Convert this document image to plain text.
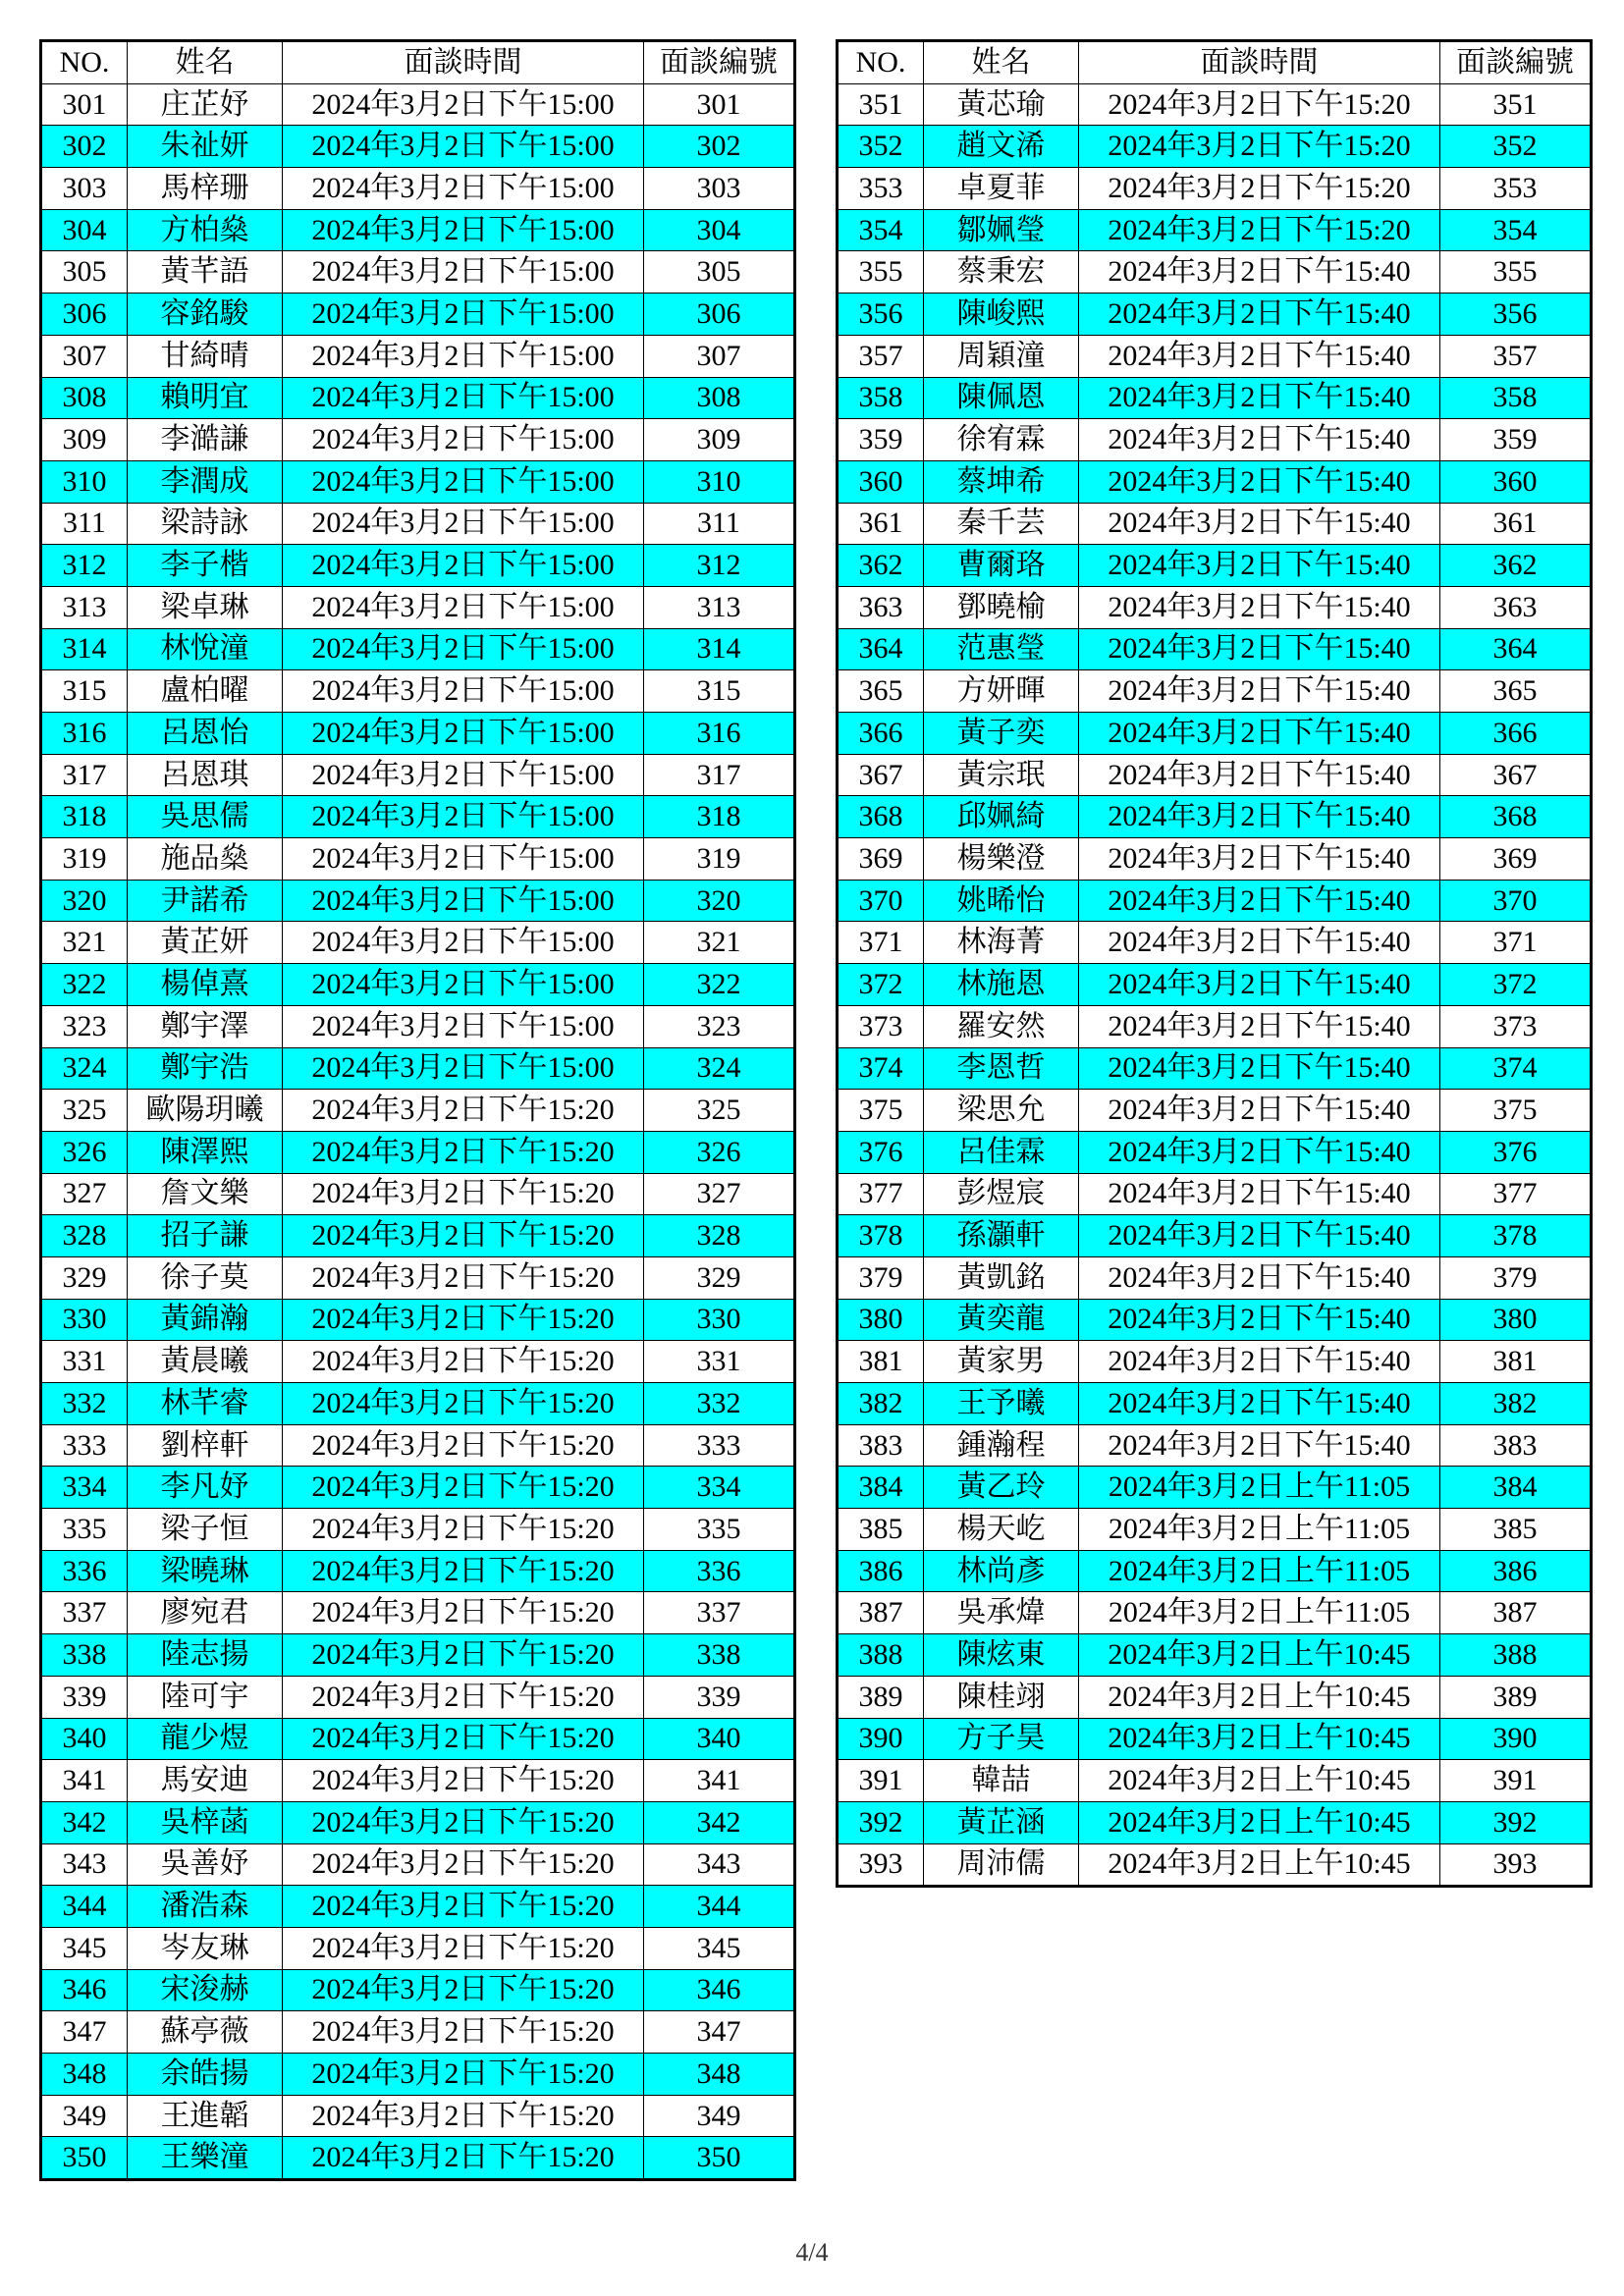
NO.	姓名	面談時間	面談編號
301	庄芷妤	2024年3月2日下午15:00	301
302	朱祉妍	2024年3月2日下午15:00	302
303	馬梓珊	2024年3月2日下午15:00	303
304	方柏燊	2024年3月2日下午15:00	304
305	黃芊語	2024年3月2日下午15:00	305
306	容銘駿	2024年3月2日下午15:00	306
307	甘綺晴	2024年3月2日下午15:00	307
308	賴明宜	2024年3月2日下午15:00	308
309	李澔謙	2024年3月2日下午15:00	309
310	李潤成	2024年3月2日下午15:00	310
311	梁詩詠	2024年3月2日下午15:00	311
312	李子楷	2024年3月2日下午15:00	312
313	梁卓琳	2024年3月2日下午15:00	313
314	林悅潼	2024年3月2日下午15:00	314
315	盧柏曜	2024年3月2日下午15:00	315
316	呂恩怡	2024年3月2日下午15:00	316
317	呂恩琪	2024年3月2日下午15:00	317
318	吳思儒	2024年3月2日下午15:00	318
319	施品燊	2024年3月2日下午15:00	319
320	尹諾希	2024年3月2日下午15:00	320
321	黃芷妍	2024年3月2日下午15:00	321
322	楊倬熹	2024年3月2日下午15:00	322
323	鄭宇澤	2024年3月2日下午15:00	323
324	鄭宇浩	2024年3月2日下午15:00	324
325	歐陽玥曦	2024年3月2日下午15:20	325
326	陳澤熙	2024年3月2日下午15:20	326
327	詹文樂	2024年3月2日下午15:20	327
328	招子謙	2024年3月2日下午15:20	328
329	徐子莫	2024年3月2日下午15:20	329
330	黃錦瀚	2024年3月2日下午15:20	330
331	黃晨曦	2024年3月2日下午15:20	331
332	林芊睿	2024年3月2日下午15:20	332
333	劉梓軒	2024年3月2日下午15:20	333
334	李凡妤	2024年3月2日下午15:20	334
335	梁子恒	2024年3月2日下午15:20	335
336	梁曉琳	2024年3月2日下午15:20	336
337	廖宛君	2024年3月2日下午15:20	337
338	陸志揚	2024年3月2日下午15:20	338
339	陸可宇	2024年3月2日下午15:20	339
340	龍少煜	2024年3月2日下午15:20	340
341	馬安迪	2024年3月2日下午15:20	341
342	吳梓菡	2024年3月2日下午15:20	342
343	吳善妤	2024年3月2日下午15:20	343
344	潘浩森	2024年3月2日下午15:20	344
345	岑友琳	2024年3月2日下午15:20	345
346	宋浚赫	2024年3月2日下午15:20	346
347	蘇亭薇	2024年3月2日下午15:20	347
348	余皓揚	2024年3月2日下午15:20	348
349	王進韜	2024年3月2日下午15:20	349
350	王樂潼	2024年3月2日下午15:20	350
NO.	姓名	面談時間	面談編號
351	黃芯瑜	2024年3月2日下午15:20	351
352	趙文浠	2024年3月2日下午15:20	352
353	卓夏菲	2024年3月2日下午15:20	353
354	鄒姵瑩	2024年3月2日下午15:20	354
355	蔡秉宏	2024年3月2日下午15:40	355
356	陳峻熙	2024年3月2日下午15:40	356
357	周穎潼	2024年3月2日下午15:40	357
358	陳佩恩	2024年3月2日下午15:40	358
359	徐宥霖	2024年3月2日下午15:40	359
360	蔡坤希	2024年3月2日下午15:40	360
361	秦千芸	2024年3月2日下午15:40	361
362	曹爾珞	2024年3月2日下午15:40	362
363	鄧曉榆	2024年3月2日下午15:40	363
364	范惠瑩	2024年3月2日下午15:40	364
365	方妍暉	2024年3月2日下午15:40	365
366	黃子奕	2024年3月2日下午15:40	366
367	黃宗珉	2024年3月2日下午15:40	367
368	邱姵綺	2024年3月2日下午15:40	368
369	楊樂澄	2024年3月2日下午15:40	369
370	姚晞怡	2024年3月2日下午15:40	370
371	林海菁	2024年3月2日下午15:40	371
372	林施恩	2024年3月2日下午15:40	372
373	羅安然	2024年3月2日下午15:40	373
374	李恩哲	2024年3月2日下午15:40	374
375	梁思允	2024年3月2日下午15:40	375
376	呂佳霖	2024年3月2日下午15:40	376
377	彭煜宸	2024年3月2日下午15:40	377
378	孫灝軒	2024年3月2日下午15:40	378
379	黃凱銘	2024年3月2日下午15:40	379
380	黃奕龍	2024年3月2日下午15:40	380
381	黃家男	2024年3月2日下午15:40	381
382	王予曦	2024年3月2日下午15:40	382
383	鍾瀚程	2024年3月2日下午15:40	383
384	黃乙玲	2024年3月2日上午11:05	384
385	楊天屹	2024年3月2日上午11:05	385
386	林尚彥	2024年3月2日上午11:05	386
387	吳承煒	2024年3月2日上午11:05	387
388	陳炫東	2024年3月2日上午10:45	388
389	陳桂翊	2024年3月2日上午10:45	389
390	方子昊	2024年3月2日上午10:45	390
391	韓喆	2024年3月2日上午10:45	391
392	黃芷涵	2024年3月2日上午10:45	392
393	周沛儒	2024年3月2日上午10:45	393
4/4
